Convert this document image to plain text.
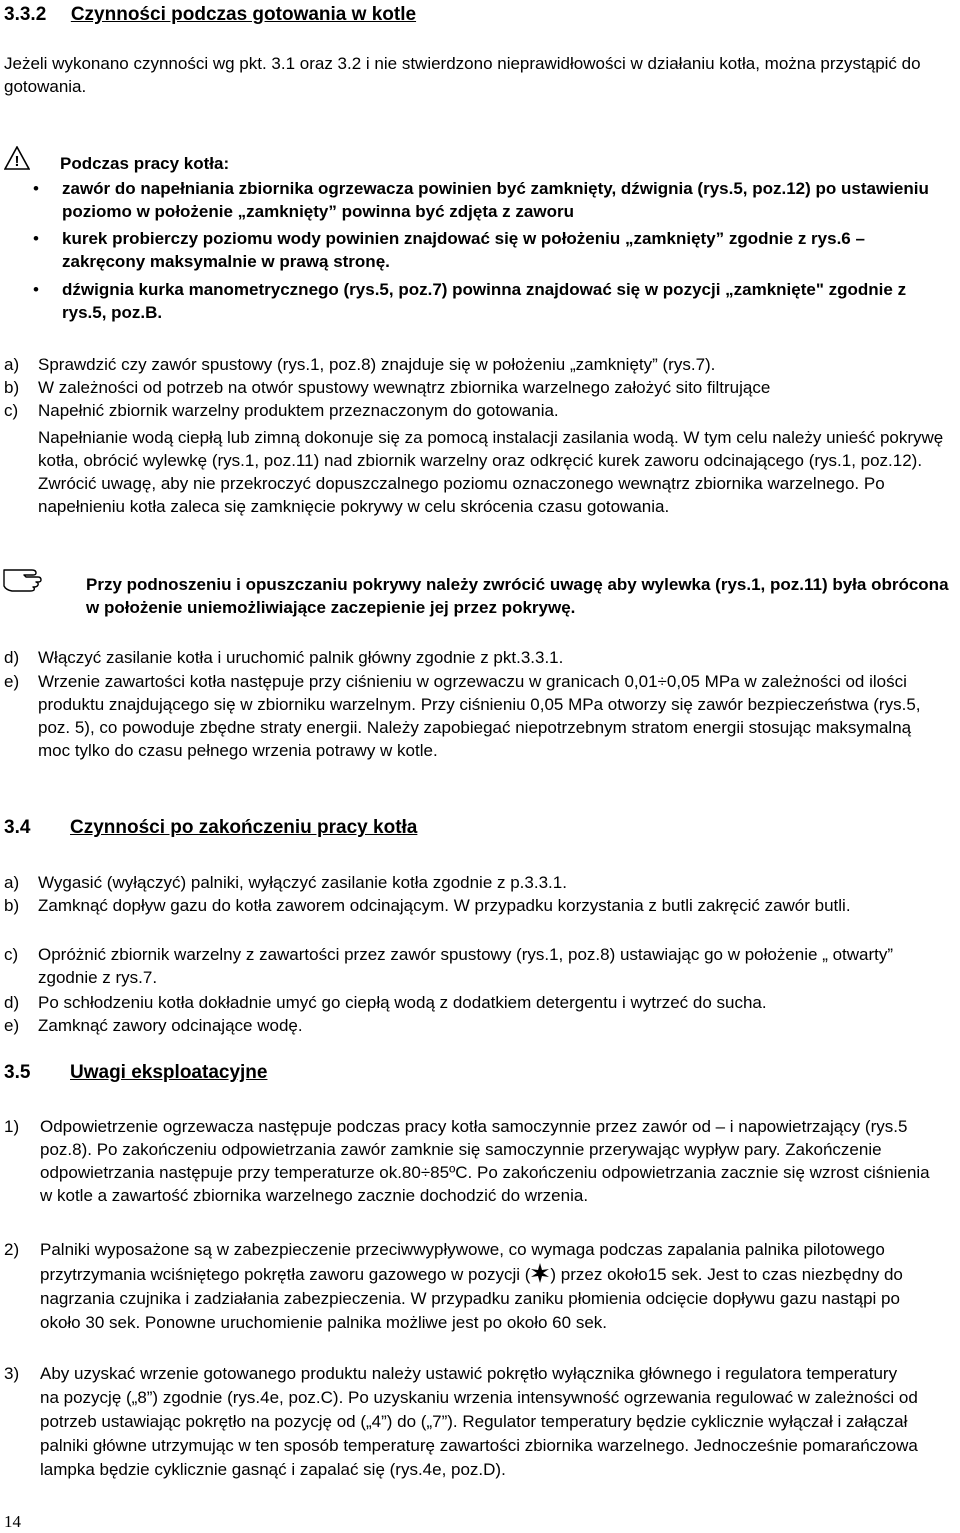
3.3.2 Czynności podczas gotowania w kotle

Jeżeli wykonano czynności wg pkt. 3.1 oraz 3.2 i nie stwierdzono nieprawidłowości w działaniu kotła, można przystąpić do gotowania.

! Podczas pracy kotła:
• zawór do napełniania zbiornika ogrzewacza powinien być zamknięty, dźwignia (rys.5, poz.12) po ustawieniu poziomo w położenie „zamknięty” powinna być zdjęta z zaworu

• kurek probierczy poziomu wody powinien znajdować się w położeniu „zamknięty” zgodnie z rys.6 – zakręcony maksymalnie w prawą stronę.

• dźwignia kurka manometrycznego (rys.5, poz.7) powinna znajdować się w pozycji „zamknięte" zgodnie z rys.5, poz.B.

a)	Sprawdzić czy zawór spustowy (rys.1, poz.8) znajduje się w położeniu „zamknięty” (rys.7).

b)	W zależności od potrzeb na otwór spustowy wewnątrz zbiornika warzelnego założyć sito filtrujące

c)	Napełnić zbiornik warzelny produktem przeznaczonym do gotowania.

Napełnianie wodą ciepłą lub zimną dokonuje się za pomocą instalacji zasilania wodą. W tym celu należy unieść pokrywę kotła, obrócić wylewkę (rys.1, poz.11) nad zbiornik warzelny oraz odkręcić kurek zaworu odcinającego (rys.1, poz.12). Zwrócić uwagę, aby nie przekroczyć dopuszczalnego poziomu oznaczonego wewnątrz zbiornika warzelnego. Po napełnieniu kotła zaleca się zamknięcie pokrywy w celu skrócenia czasu gotowania.

Przy podnoszeniu i opuszczaniu pokrywy należy zwrócić uwagę aby wylewka (rys.1, poz.11) była obrócona w położenie uniemożliwiające zaczepienie jej przez pokrywę.

d)	Włączyć zasilanie kotła i uruchomić palnik główny zgodnie z pkt.3.3.1.

e)	Wrzenie zawartości kotła następuje przy ciśnieniu w ogrzewaczu w granicach 0,01÷0,05 MPa w zależności od ilości produktu znajdującego się w zbiorniku warzelnym. Przy ciśnieniu 0,05 MPa otworzy się zawór bezpieczeństwa (rys.5, poz. 5), co powoduje zbędne straty energii. Należy zapobiegać niepotrzebnym stratom energii stosując maksymalną moc tylko do czasu pełnego wrzenia potrawy w kotle.

3.4 Czynności po zakończeniu pracy kotła
a)	Wygasić (wyłączyć) palniki, wyłączyć zasilanie kotła zgodnie z p.3.3.1.

b)	Zamknąć dopływ gazu do kotła zaworem odcinającym. W przypadku korzystania z butli zakręcić zawór butli.

c)	Opróżnić zbiornik warzelny z zawartości przez zawór spustowy (rys.1, poz.8) ustawiając go w położenie „ otwarty” zgodnie z rys.7.

d)	Po schłodzeniu kotła dokładnie umyć go ciepłą wodą z dodatkiem detergentu i wytrzeć do sucha.

e)	Zamknąć zawory odcinające wodę.

3.5 Uwagi eksploatacyjne
1)	Odpowietrzenie ogrzewacza następuje podczas pracy kotła samoczynnie przez zawór od – i napowietrzający (rys.5 poz.8). Po zakończeniu odpowietrzania zawór zamknie się samoczynnie przerywając wypływ pary. Zakończenie odpowietrzania następuje przy temperaturze ok.80÷85ºC. Po zakończeniu odpowietrzania zacznie się wzrost ciśnienia w kotle a zawartość zbiornika warzelnego zacznie dochodzić do wrzenia.

2)	Palniki wyposażone są w zabezpieczenie przeciwwypływowe, co wymaga podczas zapalania palnika pilotowego przytrzymania wciśniętego pokrętła zaworu gazowego w pozycji ( ) przez około15 sek. Jest to czas niezbędny do nagrzania czujnika i zadziałania zabezpieczenia. W przypadku zaniku płomienia odcięcie dopływu gazu nastąpi po około 30 sek. Ponowne uruchomienie palnika możliwe jest po około 60 sek.

3)	Aby uzyskać wrzenie gotowanego produktu należy ustawić pokrętło wyłącznika głównego i regulatora temperatury na pozycję („8”) zgodnie (rys.4e, poz.C). Po uzyskaniu wrzenia intensywność ogrzewania regulować w zależności od potrzeb ustawiając pokrętło na pozycję od („4”) do („7”). Regulator temperatury będzie cyklicznie wyłączał i załączał palniki główne utrzymując w ten sposób temperaturę zawartości zbiornika warzelnego. Jednocześnie pomarańczowa lampka będzie cyklicznie gasnąć i zapalać się (rys.4e, poz.D).

14
